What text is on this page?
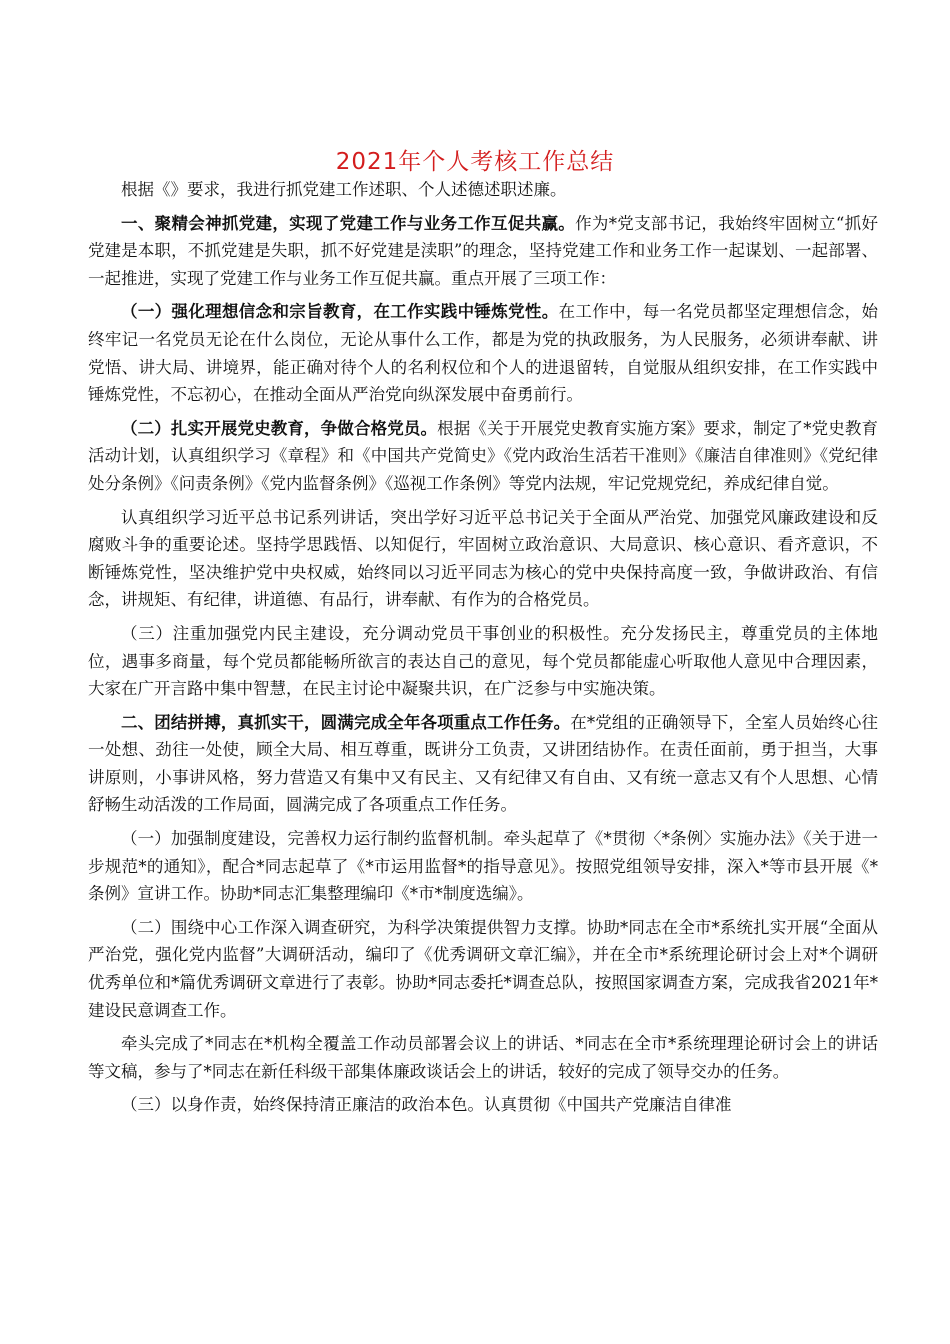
2021年个人考核工作总结

根据《》要求，我进行抓党建工作述职、个人述德述职述廉。

一、聚精会神抓党建，实现了党建工作与业务工作互促共赢。作为*党支部书记，我始终牢固树立“抓好党建是本职，不抓党建是失职，抓不好党建是渎职”的理念，坚持党建工作和业务工作一起谋划、一起部署、一起推进，实现了党建工作与业务工作互促共赢。重点开展了三项工作：

（一）强化理想信念和宗旨教育，在工作实践中锤炼党性。在工作中，每一名党员都坚定理想信念，始终牢记一名党员无论在什么岗位，无论从事什么工作，都是为党的执政服务，为人民服务，必须讲奉献、讲党悟、讲大局、讲境界，能正确对待个人的名利权位和个人的进退留转，自觉服从组织安排，在工作实践中锤炼党性，不忘初心，在推动全面从严治党向纵深发展中奋勇前行。

（二）扎实开展党史教育，争做合格党员。根据《关于开展党史教育实施方案》要求，制定了*党史教育活动计划，认真组织学习《章程》和《中国共产党简史》《党内政治生活若干准则》《廉洁自律准则》《党纪律处分条例》《问责条例》《党内监督条例》《巡视工作条例》等党内法规，牢记党规党纪，养成纪律自觉。

认真组织学习近平总书记系列讲话，突出学好习近平总书记关于全面从严治党、加强党风廉政建设和反腐败斗争的重要论述。坚持学思践悟、以知促行，牢固树立政治意识、大局意识、核心意识、看齐意识，不断锤炼党性，坚决维护党中央权威，始终同以习近平同志为核心的党中央保持高度一致，争做讲政治、有信念，讲规矩、有纪律，讲道德、有品行，讲奉献、有作为的合格党员。

（三）注重加强党内民主建设，充分调动党员干事创业的积极性。充分发扬民主，尊重党员的主体地位，遇事多商量，每个党员都能畅所欲言的表达自己的意见，每个党员都能虚心听取他人意见中合理因素，大家在广开言路中集中智慧，在民主讨论中凝聚共识，在广泛参与中实施决策。

二、团结拼搏，真抓实干，圆满完成全年各项重点工作任务。在*党组的正确领导下，全室人员始终心往一处想、劲往一处使，顾全大局、相互尊重，既讲分工负责，又讲团结协作。在责任面前，勇于担当，大事讲原则，小事讲风格，努力营造又有集中又有民主、又有纪律又有自由、又有统一意志又有个人思想、心情舒畅生动活泼的工作局面，圆满完成了各项重点工作任务。

（一）加强制度建设，完善权力运行制约监督机制。牵头起草了《*贯彻〈*条例〉实施办法》《关于进一步规范*的通知》，配合*同志起草了《*市运用监督*的指导意见》。按照党组领导安排，深入*等市县开展《*条例》宣讲工作。协助*同志汇集整理编印《*市*制度选编》。

（二）围绕中心工作深入调查研究，为科学决策提供智力支撑。协助*同志在全市*系统扎实开展“全面从严治党，强化党内监督”大调研活动，编印了《优秀调研文章汇编》，并在全市*系统理论研讨会上对*个调研优秀单位和*篇优秀调研文章进行了表彰。协助*同志委托*调查总队，按照国家调查方案，完成我省2021年*建设民意调查工作。

牵头完成了*同志在*机构全覆盖工作动员部署会议上的讲话、*同志在全市*系统理理论研讨会上的讲话等文稿，参与了*同志在新任科级干部集体廉政谈话会上的讲话，较好的完成了领导交办的任务。

（三）以身作责，始终保持清正廉洁的政治本色。认真贯彻《中国共产党廉洁自律准
